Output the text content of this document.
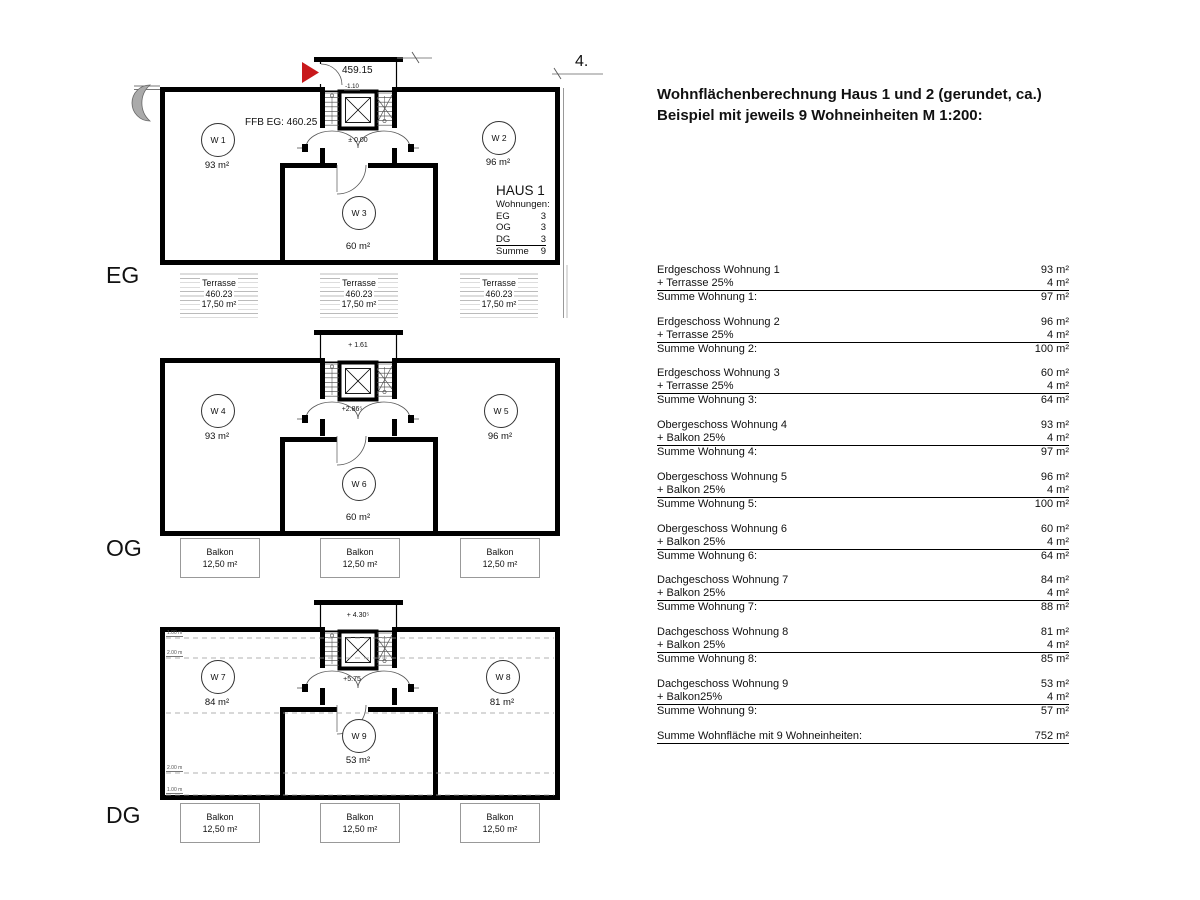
EG
459.15
-1.10
FFB EG: 460.25
± 0.00
W 1
93 m²
W 2
96 m²
W 3
60 m²
Terrasse
460.23
17,50 m²
Terrasse
460.23
17,50 m²
Terrasse
460.23
17,50 m²
HAUS 1
Wohnungen:
EG	3
OG	3
DG	3
Summe 9
4.
OG
+ 1.61
+2.86⁵
W 4
93 m²
W 5
96 m²
W 6
60 m²
Balkon
12,50 m²
Balkon
12,50 m²
Balkon
12,50 m²
DG
+ 4.30⁵
+5.75
1.00 m
2.00 m
2.00 m
1.00 m
W 7
84 m²
W 8
81 m²
W 9
53 m²
Balkon
12,50 m²
Balkon
12,50 m²
Balkon
12,50 m²
Wohnflächenberechnung Haus 1 und 2 (gerundet, ca.)
Beispiel mit jeweils 9 Wohneinheiten M 1:200:
Erdgeschoss Wohnung 1	93 m²
+ Terrasse 25%	4 m²
Summe Wohnung 1:	97 m²
Erdgeschoss Wohnung 2	96 m²
+ Terrasse 25%	4 m²
Summe Wohnung 2:	100 m²
Erdgeschoss Wohnung 3	60 m²
+ Terrasse 25%	4 m²
Summe Wohnung 3:	64 m²
Obergeschoss Wohnung 4	93 m²
+ Balkon 25%	4 m²
Summe Wohnung 4:	97 m²
Obergeschoss Wohnung 5	96 m²
+ Balkon 25%	4 m²
Summe Wohnung 5:	100 m²
Obergeschoss Wohnung 6	60 m²
+ Balkon 25%	4 m²
Summe Wohnung 6:	64 m²
Dachgeschoss Wohnung 7	84 m²
+ Balkon 25%	4 m²
Summe Wohnung 7:	88 m²
Dachgeschoss Wohnung 8	81 m²
+ Balkon 25%	4 m²
Summe Wohnung 8:	85 m²
Dachgeschoss Wohnung 9	53 m²
+ Balkon25%	4 m²
Summe Wohnung 9:	57 m²
Summe Wohnfläche mit 9 Wohneinheiten:	752 m²
